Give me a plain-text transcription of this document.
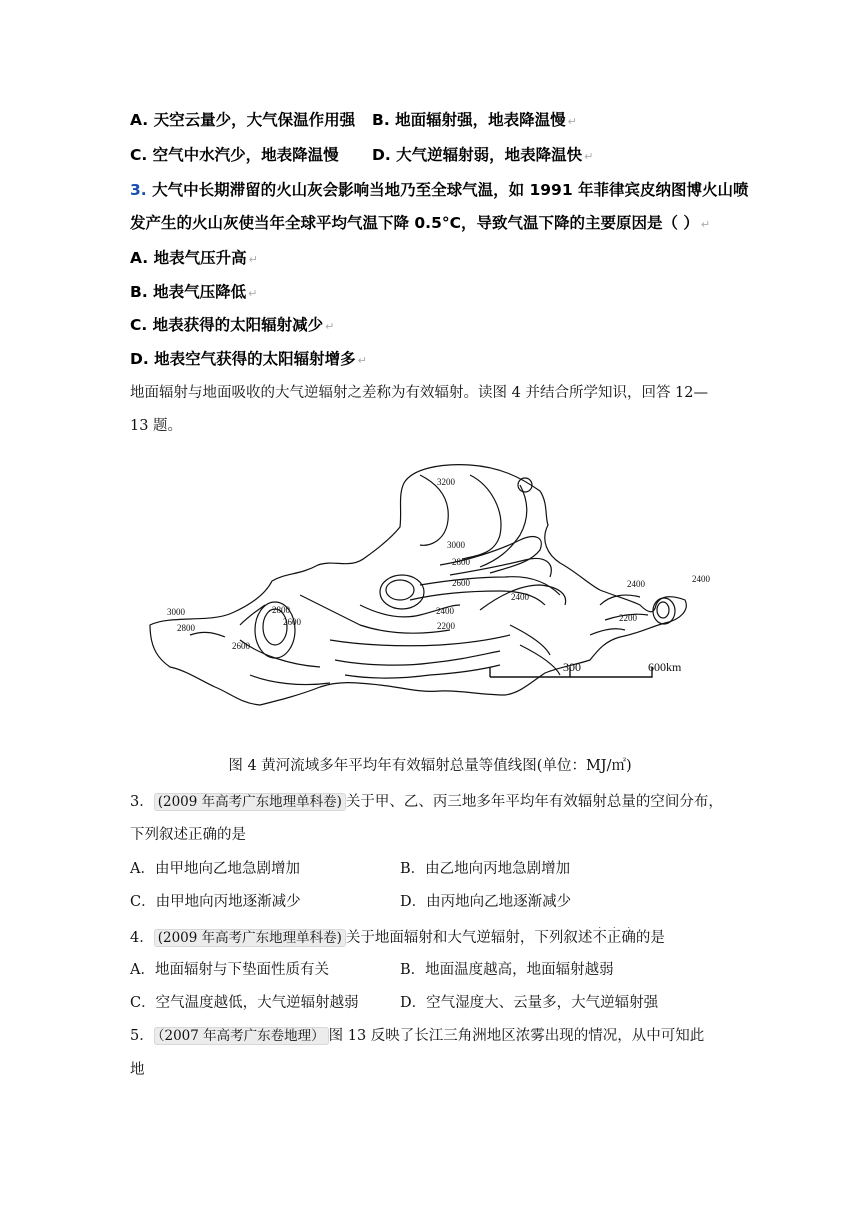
A. 天空云量少，大气保温作用强 B. 地面辐射强，地表降温慢 ↵
C. 空气中水汽少，地表降温慢 D. 大气逆辐射弱，地表降温快 ↵
3. 大气中长期滞留的火山灰会影响当地乃至全球气温，如 1991 年菲律宾皮纳图博火山喷
发产生的火山灰使当年全球平均气温下降 0.5°C，导致气温下降的主要原因是（ ） ↵
A. 地表气压升高 ↵
B. 地表气压降低 ↵
C. 地表获得的太阳辐射减少 ↵
D. 地表空气获得的太阳辐射增多 ↵
地面辐射与地面吸收的大气逆辐射之差称为有效辐射。读图 4 并结合所学知识，回答 12—
13 题。
3200
3000
2800
2600
2400
2400	2400
2200
3000
2800
2800
2600
2600
2400
2200
300	600km
图 4 黄河流域多年平均年有效辐射总量等值线图(单位：MJ/㎡)
3． (2009 年高考广东地理单科卷) 关于甲、乙、丙三地多年平均年有效辐射总量的空间分布，
下列叙述正确的是
A．由甲地向乙地急剧增加	B．由乙地向丙地急剧增加
C．由甲地向丙地逐渐减少	D．由丙地向乙地逐渐减少
4． (2009 年高考广东地理单科卷) 关于地面辐射和大气逆辐射，下列叙述不正确的是
A．地面辐射与下垫面性质有关	B．地面温度越高，地面辐射越弱
C．空气温度越低，大气逆辐射越弱	D．空气湿度大、云量多，大气逆辐射强
5． （2007 年高考广东卷地理） 图 13 反映了长江三角洲地区浓雾出现的情况，从中可知此
地
